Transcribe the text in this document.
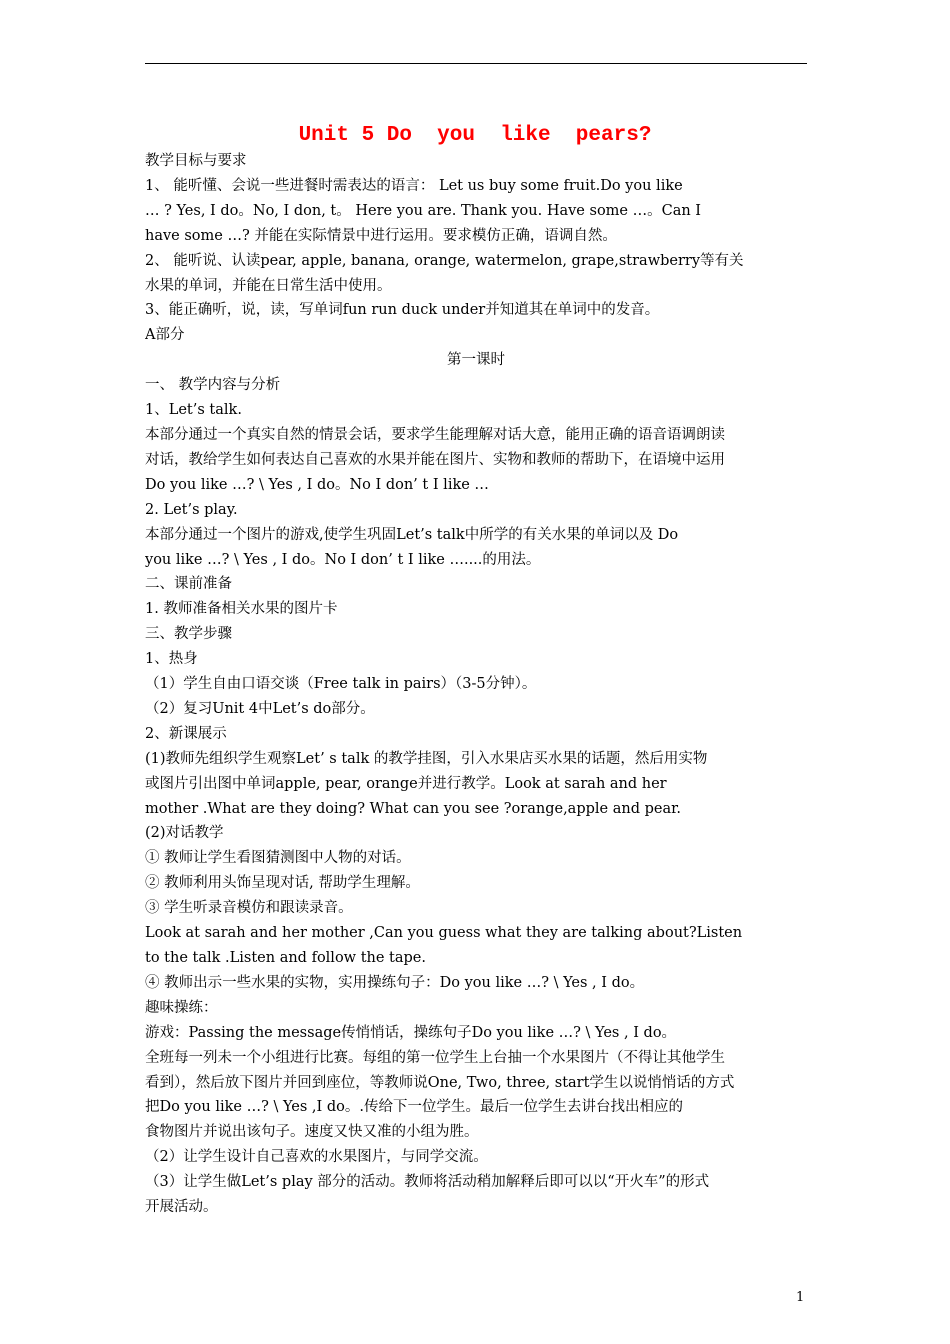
Unit 5 Do  you  like  pears?

教学目标与要求

1、 能听懂、会说一些进餐时需表达的语言： Let us buy some fruit.Do you like

… ? Yes, I do。No, I don, t。 Here you are. Thank you. Have some …。Can I

have some …? 并能在实际情景中进行运用。要求模仿正确，语调自然。

2、 能听说、认读pear, apple, banana, orange, watermelon, grape,strawberry等有关

水果的单词，并能在日常生活中使用。

3、能正确听，说，读，写单词fun run duck under并知道其在单词中的发音。

A部分

第一课时

一、 教学内容与分析

1、Let’s talk.

本部分通过一个真实自然的情景会话，要求学生能理解对话大意，能用正确的语音语调朗读

对话，教给学生如何表达自己喜欢的水果并能在图片、实物和教师的帮助下，在语境中运用

Do you like …? \ Yes , I do。No I don’ t I like …

2. Let’s play.

本部分通过一个图片的游戏,使学生巩固Let’s talk中所学的有关水果的单词以及 Do

you like …? \ Yes , I do。No I don’ t I like …....的用法。

二、课前准备

1. 教师准备相关水果的图片卡

三、教学步骤

1、热身

（1）学生自由口语交谈（Free talk in pairs）（3-5分钟）。

（2）复习Unit 4中Let’s do部分。

2、新课展示

(1)教师先组织学生观察Let’ s talk 的教学挂图，引入水果店买水果的话题，然后用实物

或图片引出图中单词apple, pear, orange并进行教学。Look at sarah and her

mother .What are they doing? What can you see ?orange,apple and pear.

(2)对话教学

① 教师让学生看图猜测图中人物的对话。

② 教师利用头饰呈现对话, 帮助学生理解。

③ 学生听录音模仿和跟读录音。

Look at sarah and her mother ,Can you guess what they are talking about?Listen

to the talk .Listen and follow the tape.

④ 教师出示一些水果的实物，实用操练句子：Do you like …? \ Yes , I do。

趣味操练：

游戏：Passing the message传悄悄话，操练句子Do you like …? \ Yes , I do。

全班每一列未一个小组进行比赛。每组的第一位学生上台抽一个水果图片（不得让其他学生

看到），然后放下图片并回到座位，等教师说One, Two, three, start学生以说悄悄话的方式

把Do you like …? \ Yes ,I do。.传给下一位学生。最后一位学生去讲台找出相应的

食物图片并说出该句子。速度又快又准的小组为胜。

（2）让学生设计自己喜欢的水果图片，与同学交流。

（3）让学生做Let’s play 部分的活动。教师将活动稍加解释后即可以以“开火车”的形式

开展活动。

1
